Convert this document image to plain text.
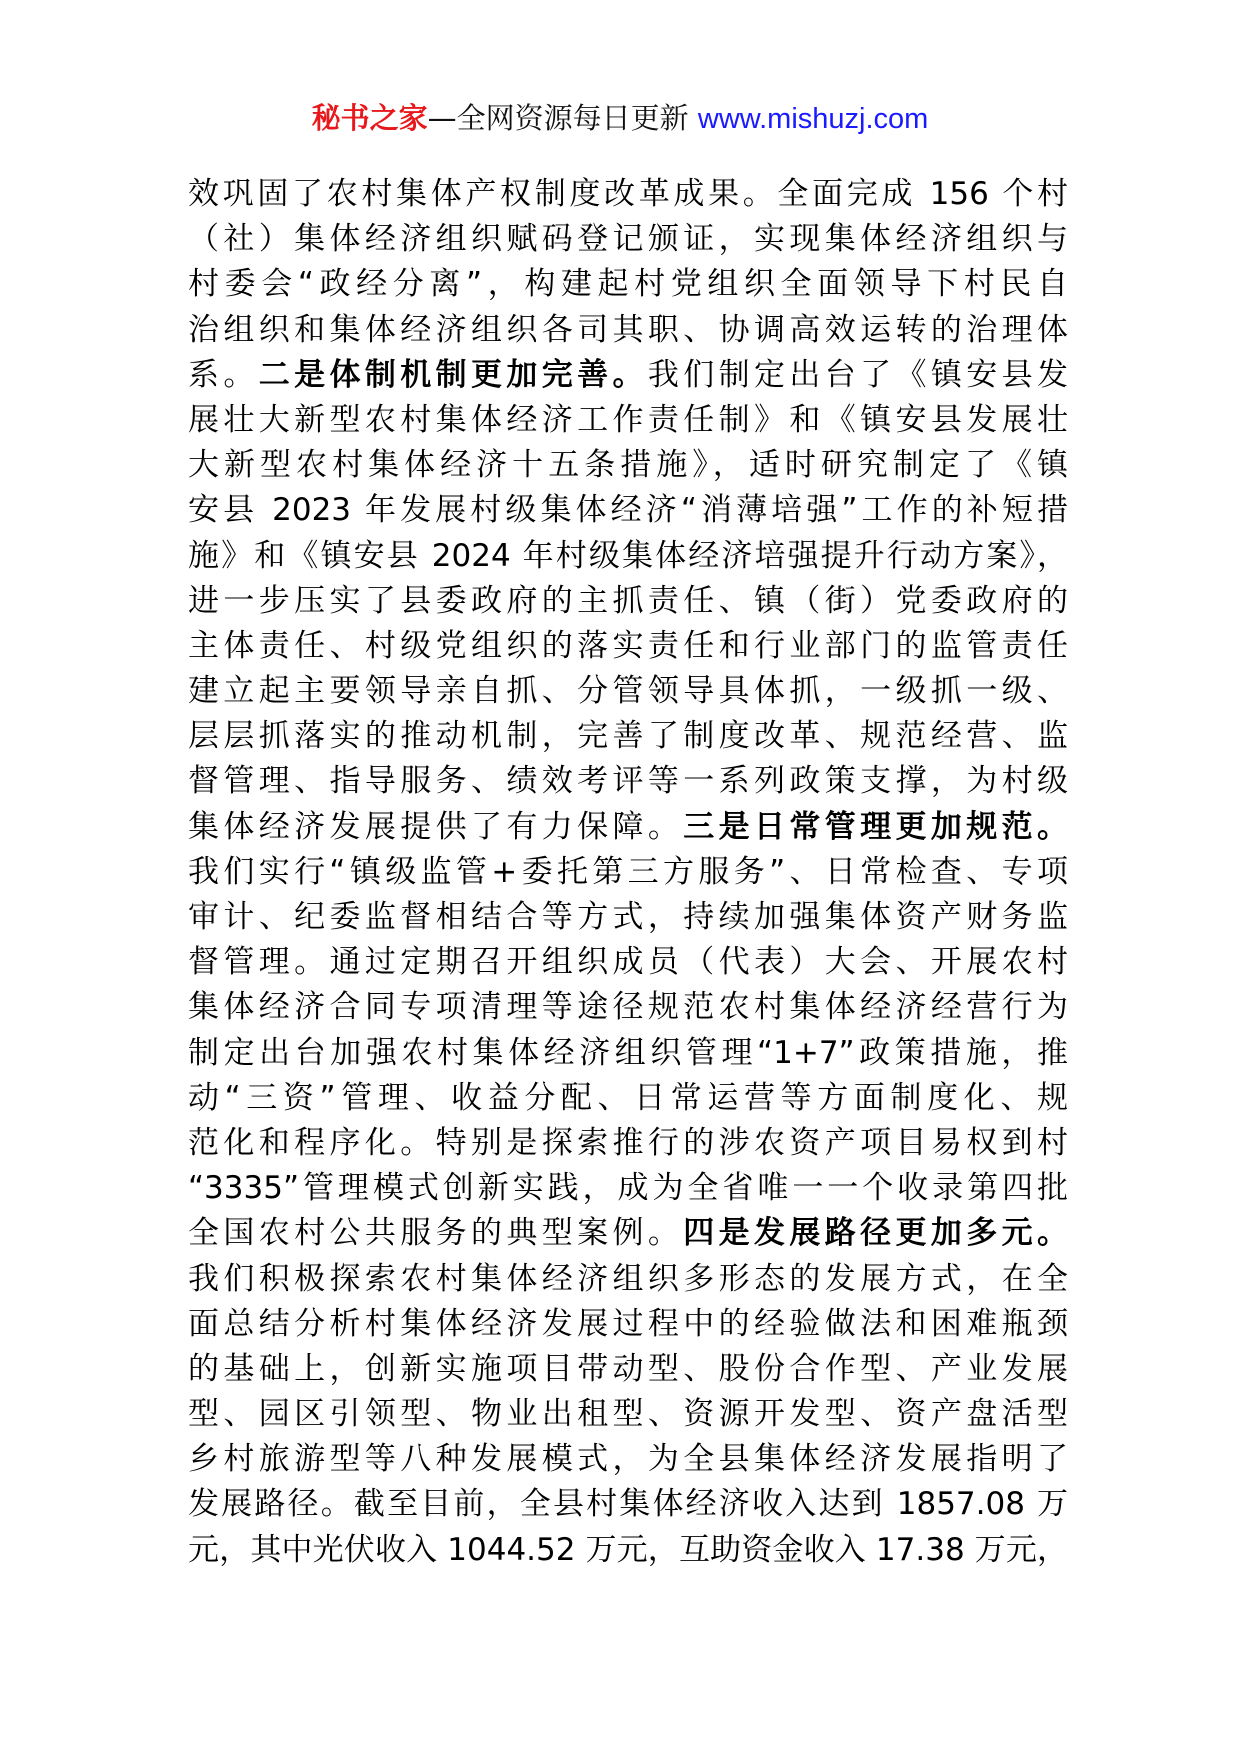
秘书之家—全网资源每日更新 www.mishuzj.com
效巩固了农村集体产权制度改革成果。全面完成 156 个村
（社）集体经济组织赋码登记颁证，实现集体经济组织与
村委会“政经分离”，构建起村党组织全面领导下村民自
治组织和集体经济组织各司其职、协调高效运转的治理体
系。二是体制机制更加完善。我们制定出台了《镇安县发
展壮大新型农村集体经济工作责任制》和《镇安县发展壮
大新型农村集体经济十五条措施》，适时研究制定了《镇
安县 2023 年发展村级集体经济“消薄培强”工作的补短措
施》和《镇安县 2024 年村级集体经济培强提升行动方案》，
进一步压实了县委政府的主抓责任、镇（街）党委政府的
主体责任、村级党组织的落实责任和行业部门的监管责任
建立起主要领导亲自抓、分管领导具体抓，一级抓一级、
层层抓落实的推动机制，完善了制度改革、规范经营、监
督管理、指导服务、绩效考评等一系列政策支撑，为村级
集体经济发展提供了有力保障。三是日常管理更加规范。
我们实行“镇级监管+委托第三方服务”、日常检查、专项
审计、纪委监督相结合等方式，持续加强集体资产财务监
督管理。通过定期召开组织成员（代表）大会、开展农村
集体经济合同专项清理等途径规范农村集体经济经营行为
制定出台加强农村集体经济组织管理“1+7”政策措施，推
动“三资”管理、收益分配、日常运营等方面制度化、规
范化和程序化。特别是探索推行的涉农资产项目易权到村
“3335”管理模式创新实践，成为全省唯一一个收录第四批
全国农村公共服务的典型案例。四是发展路径更加多元。
我们积极探索农村集体经济组织多形态的发展方式，在全
面总结分析村集体经济发展过程中的经验做法和困难瓶颈
的基础上，创新实施项目带动型、股份合作型、产业发展
型、园区引领型、物业出租型、资源开发型、资产盘活型
乡村旅游型等八种发展模式，为全县集体经济发展指明了
发展路径。截至目前，全县村集体经济收入达到 1857.08 万
元，其中光伏收入 1044.52 万元，互助资金收入 17.38 万元，
